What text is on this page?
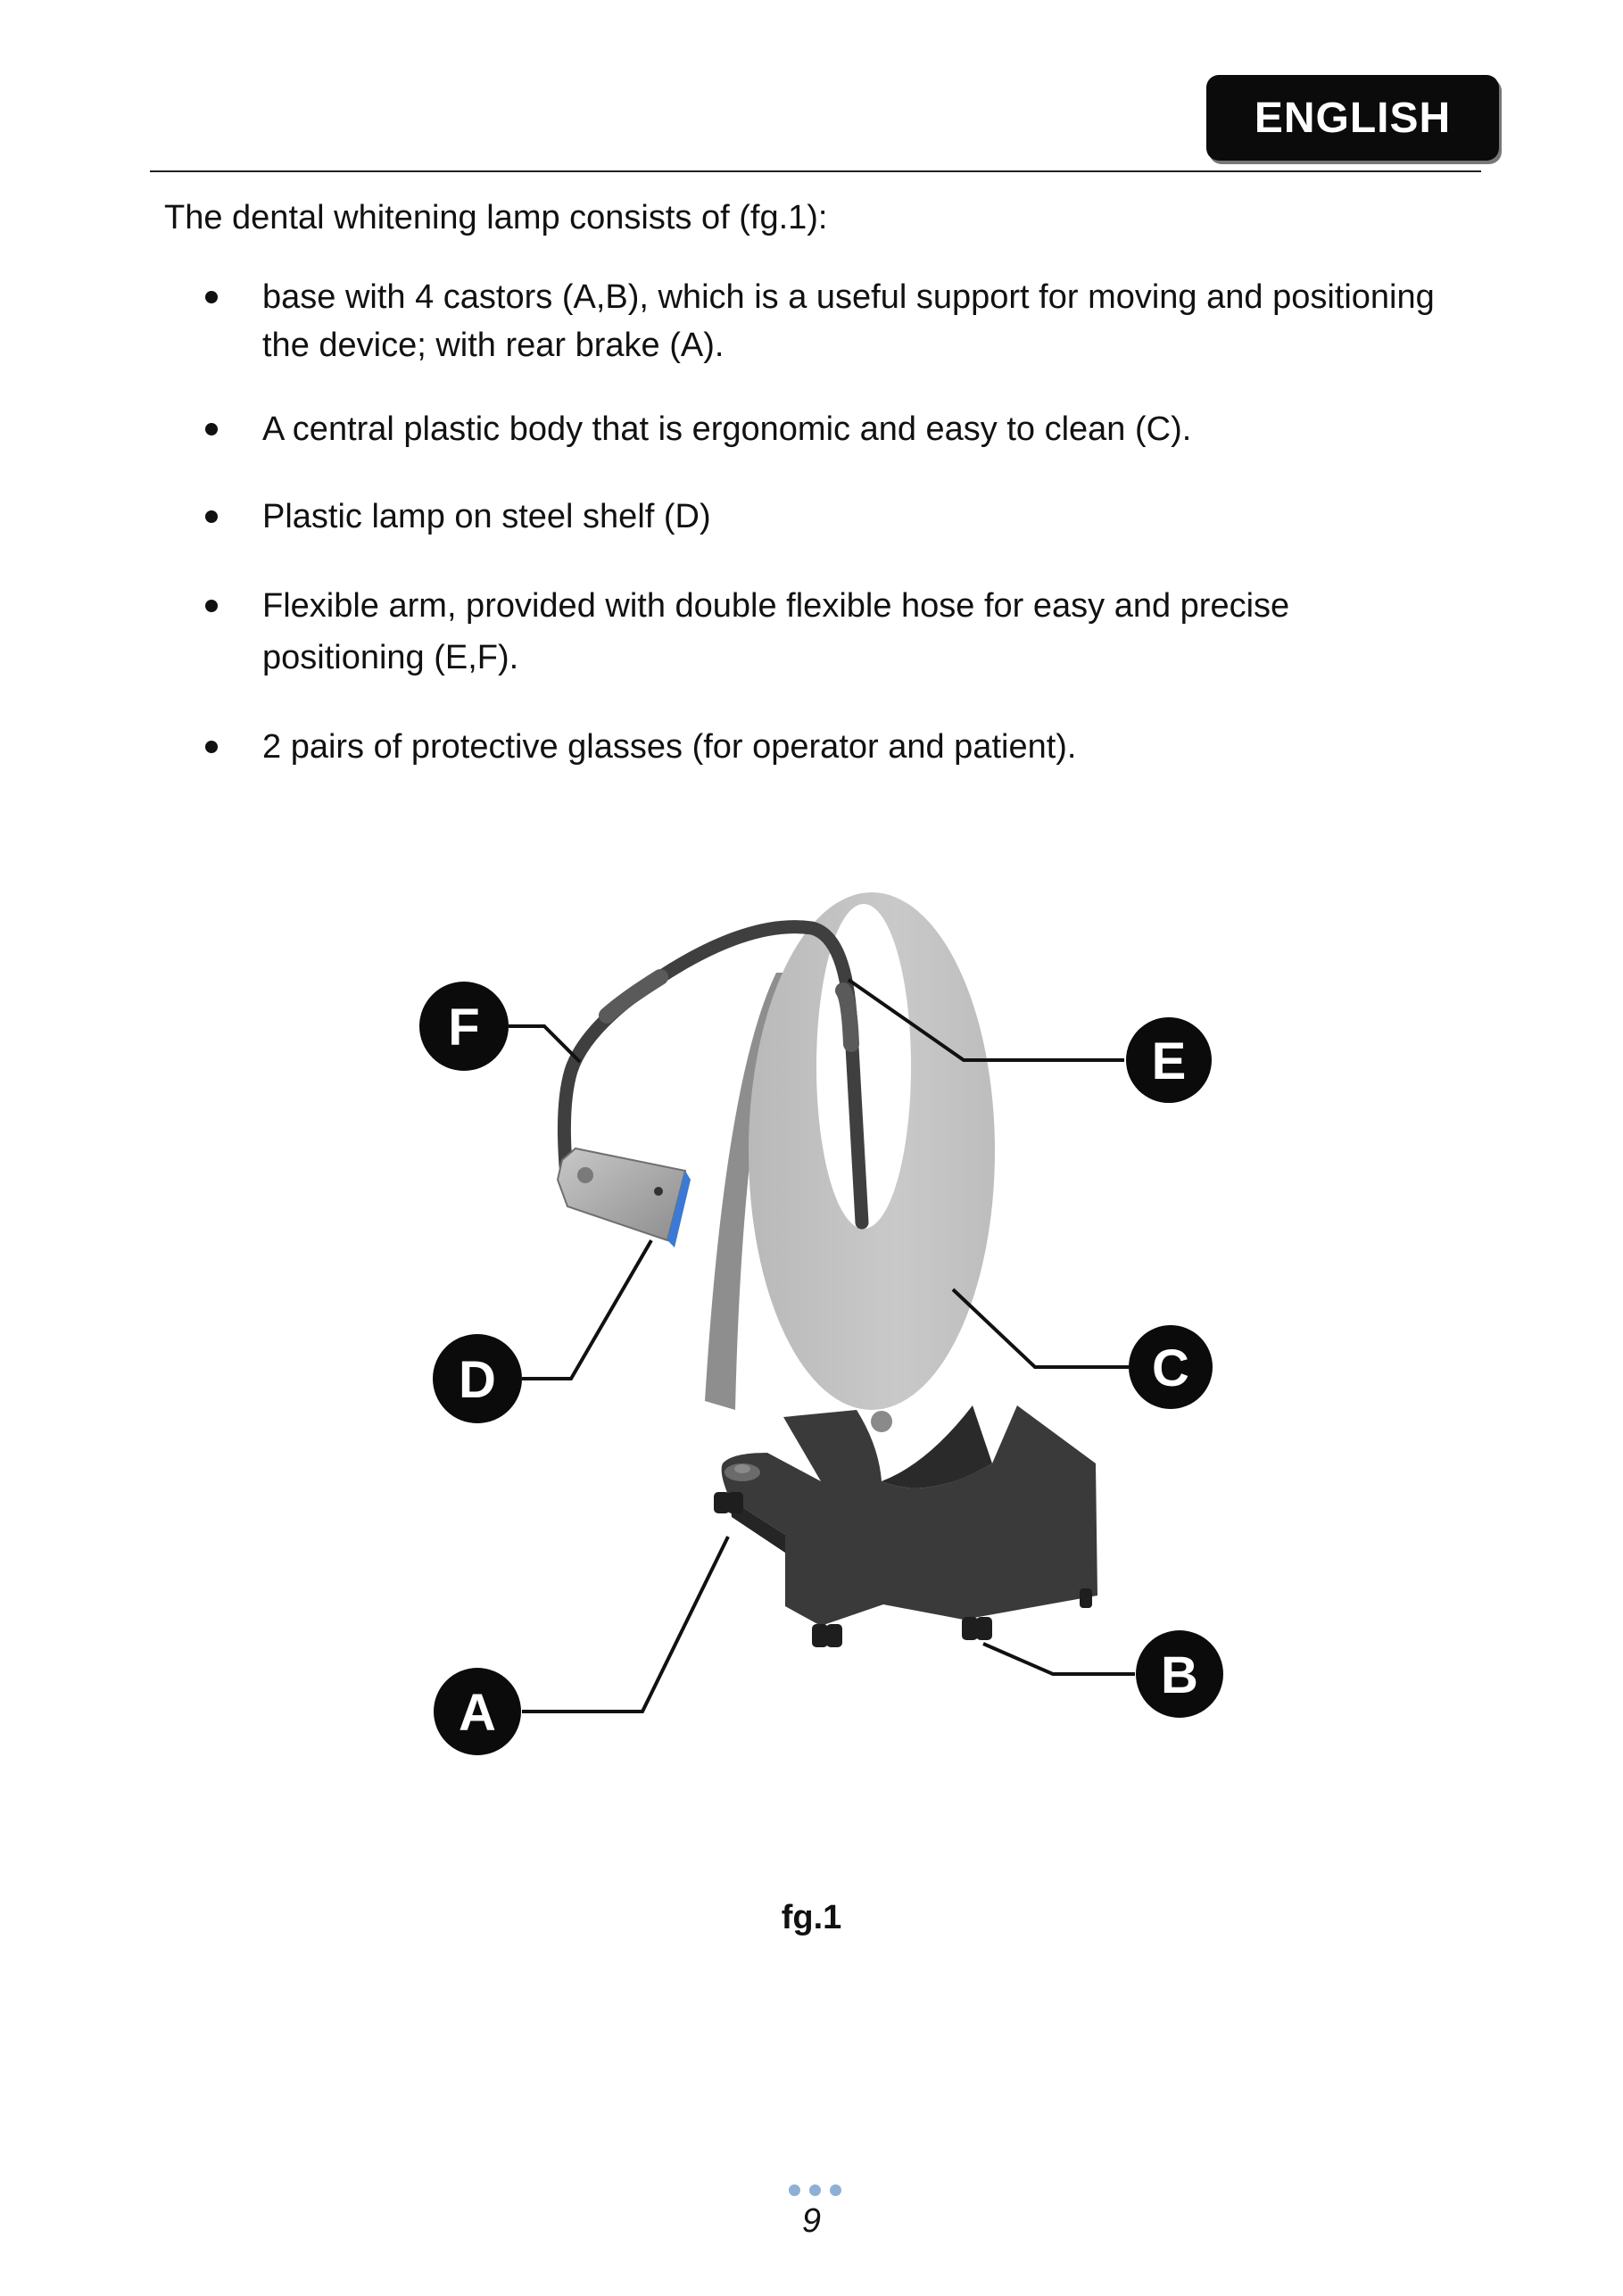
ENGLISH
The dental whitening lamp consists of (fg.1):
base with 4 castors (A,B), which is a useful support for moving and positioning
the device; with rear brake (A).
A central plastic body that is ergonomic and easy to clean (C).
Plastic lamp on steel shelf (D)
Flexible arm, provided with double flexible hose for easy and precise
positioning (E,F).
2 pairs of protective glasses (for operator and patient).
F
E
D	C
A
B
fg.1
9
